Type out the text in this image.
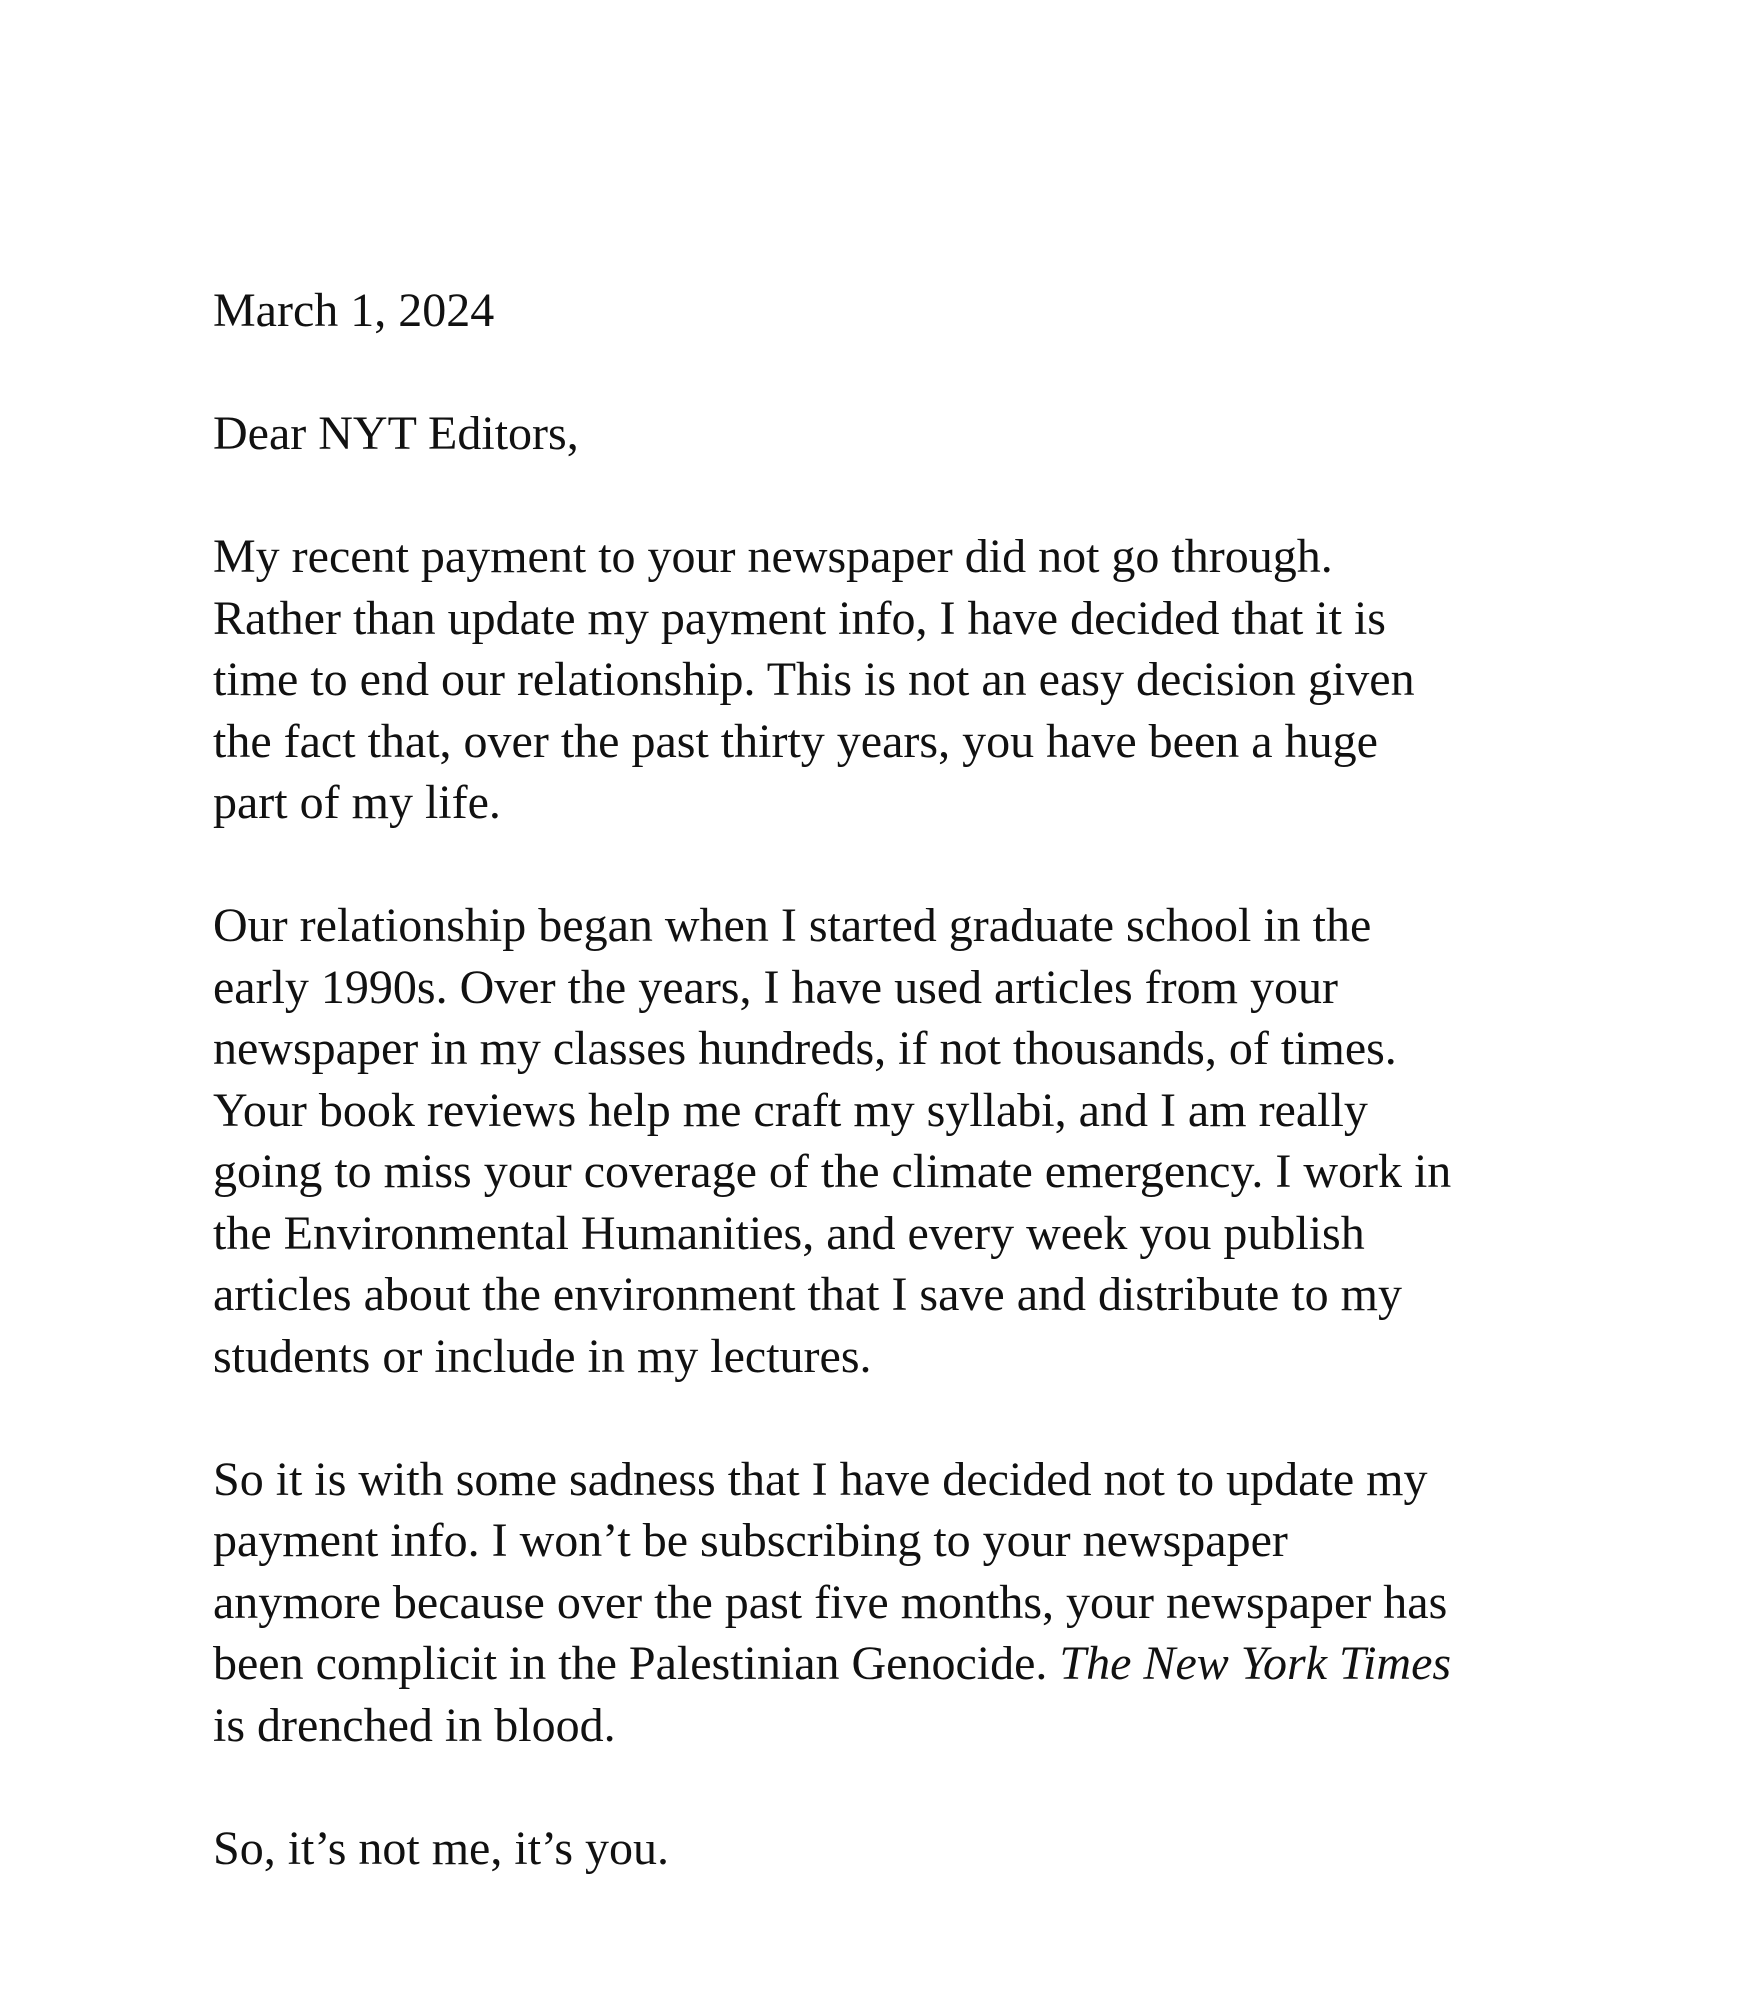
March 1, 2024

Dear NYT Editors,

My recent payment to your newspaper did not go through.
Rather than update my payment info, I have decided that it is
time to end our relationship. This is not an easy decision given
the fact that, over the past thirty years, you have been a huge
part of my life.

Our relationship began when I started graduate school in the
early 1990s. Over the years, I have used articles from your
newspaper in my classes hundreds, if not thousands, of times.
Your book reviews help me craft my syllabi, and I am really
going to miss your coverage of the climate emergency. I work in
the Environmental Humanities, and every week you publish
articles about the environment that I save and distribute to my
students or include in my lectures.

So it is with some sadness that I have decided not to update my
payment info. I won’t be subscribing to your newspaper
anymore because over the past five months, your newspaper has
been complicit in the Palestinian Genocide. The New York Times
is drenched in blood.

So, it’s not me, it’s you.
